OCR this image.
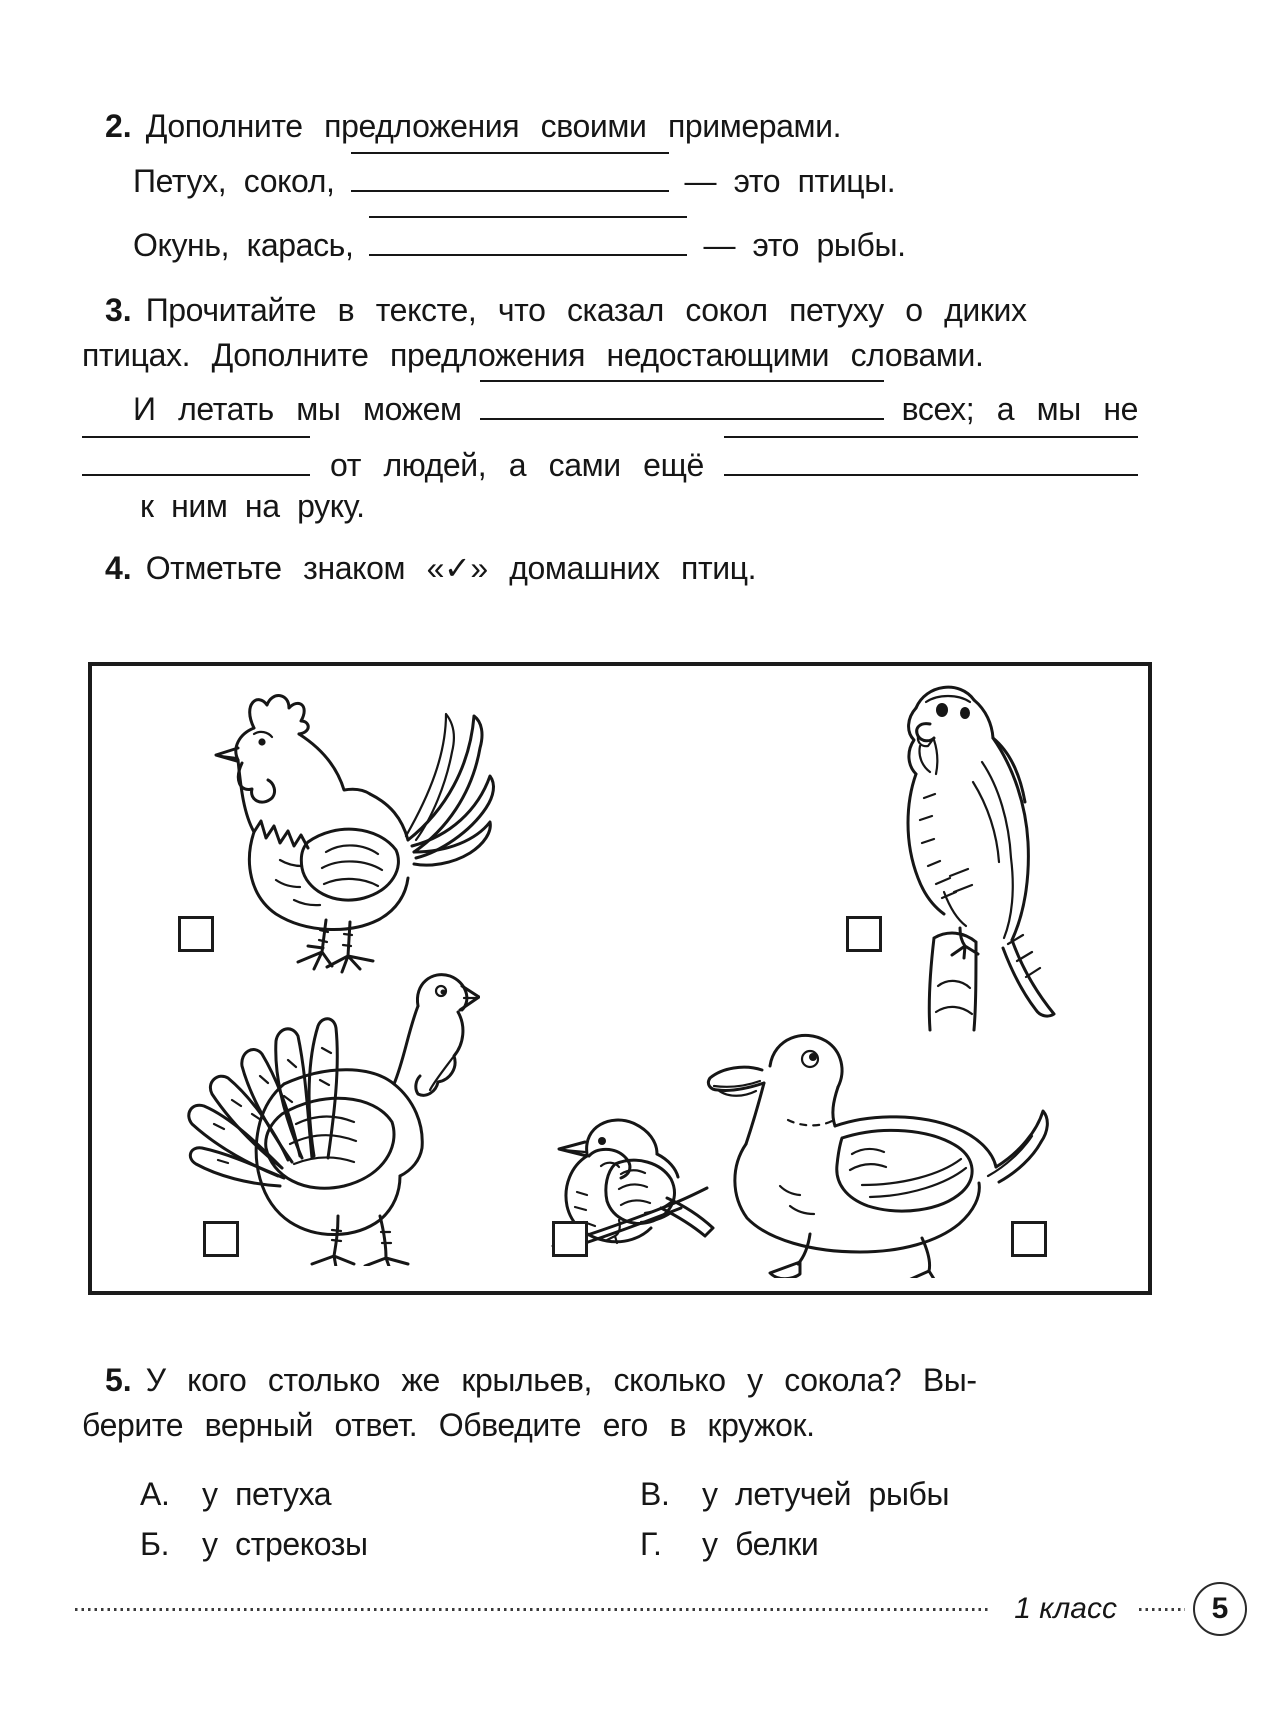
2. Дополните предложения своими примерами.
Петух, сокол,	— это птицы.
Окунь, карась,	— это рыбы.
3. Прочитайте в тексте, что сказал сокол петуху о диких
птицах. Дополните предложения недостающими словами.
И летать мы можем	всех; а мы не
от людей, а сами ещё
к ним на руку.
4. Отметьте знаком «✓» домашних птиц.
5. У кого столько же крыльев, сколько у сокола? Вы-
берите верный ответ. Обведите его в кружок.
А.	у петуха	В.	у летучей рыбы
Б.	у стрекозы	Г.	у белки
1 класс	5
